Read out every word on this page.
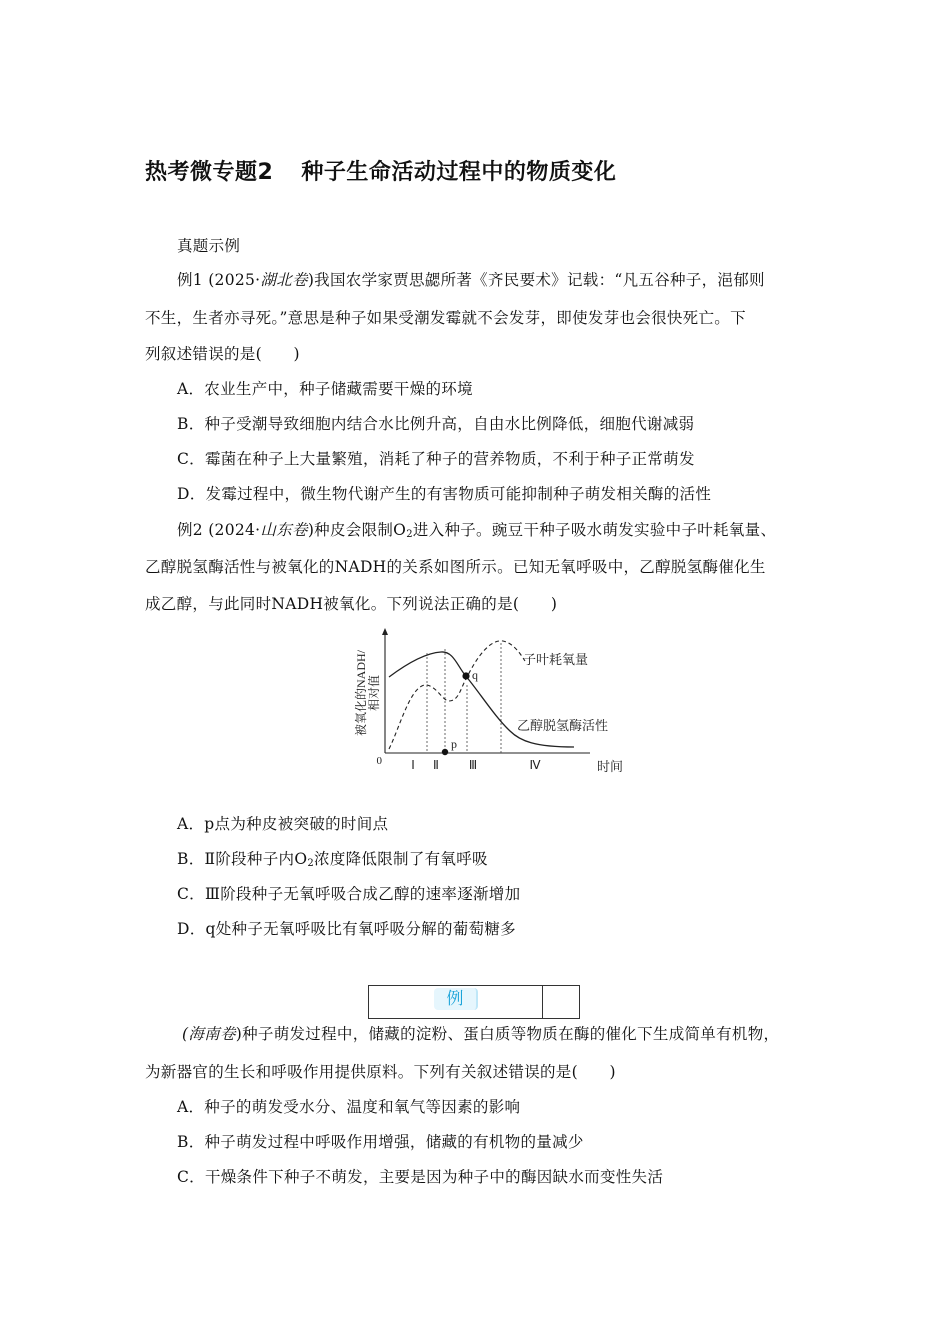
热考微专题2 种子生命活动过程中的物质变化
真题示例
例1 (2025·湖北卷)我国农学家贾思勰所著《齐民要术》记载：“凡五谷种子，浥郁则
不生，生者亦寻死。”意思是种子如果受潮发霉就不会发芽，即使发芽也会很快死亡。下
列叙述错误的是(　　)
A．农业生产中，种子储藏需要干燥的环境
B．种子受潮导致细胞内结合水比例升高，自由水比例降低，细胞代谢减弱
C．霉菌在种子上大量繁殖，消耗了种子的营养物质，不利于种子正常萌发
D．发霉过程中，微生物代谢产生的有害物质可能抑制种子萌发相关酶的活性
例2 (2024·山东卷)种皮会限制$O_2$进入种子。豌豆干种子吸水萌发实验中子叶耗氧量、
乙醇脱氢酶活性与被氧化的NADH的关系如图所示。已知无氧呼吸中，乙醇脱氢酶催化生
成乙醇，与此同时NADH被氧化。下列说法正确的是(　　)
被氧化的NADH/ 相对值
p
q
子叶耗氧量
乙醇脱氢酶活性
0 Ⅰ Ⅱ Ⅲ	Ⅳ	时间
A．p点为种皮被突破的时间点
B．Ⅱ阶段种子内$O_2$浓度降低限制了有氧呼吸
C．Ⅲ阶段种子无氧呼吸合成乙醇的速率逐渐增加
D．q处种子无氧呼吸比有氧呼吸分解的葡萄糖多
例
(海南卷)种子萌发过程中，储藏的淀粉、蛋白质等物质在酶的催化下生成简单有机物，
为新器官的生长和呼吸作用提供原料。下列有关叙述错误的是(　　)
A．种子的萌发受水分、温度和氧气等因素的影响
B．种子萌发过程中呼吸作用增强，储藏的有机物的量减少
C．干燥条件下种子不萌发，主要是因为种子中的酶因缺水而变性失活
